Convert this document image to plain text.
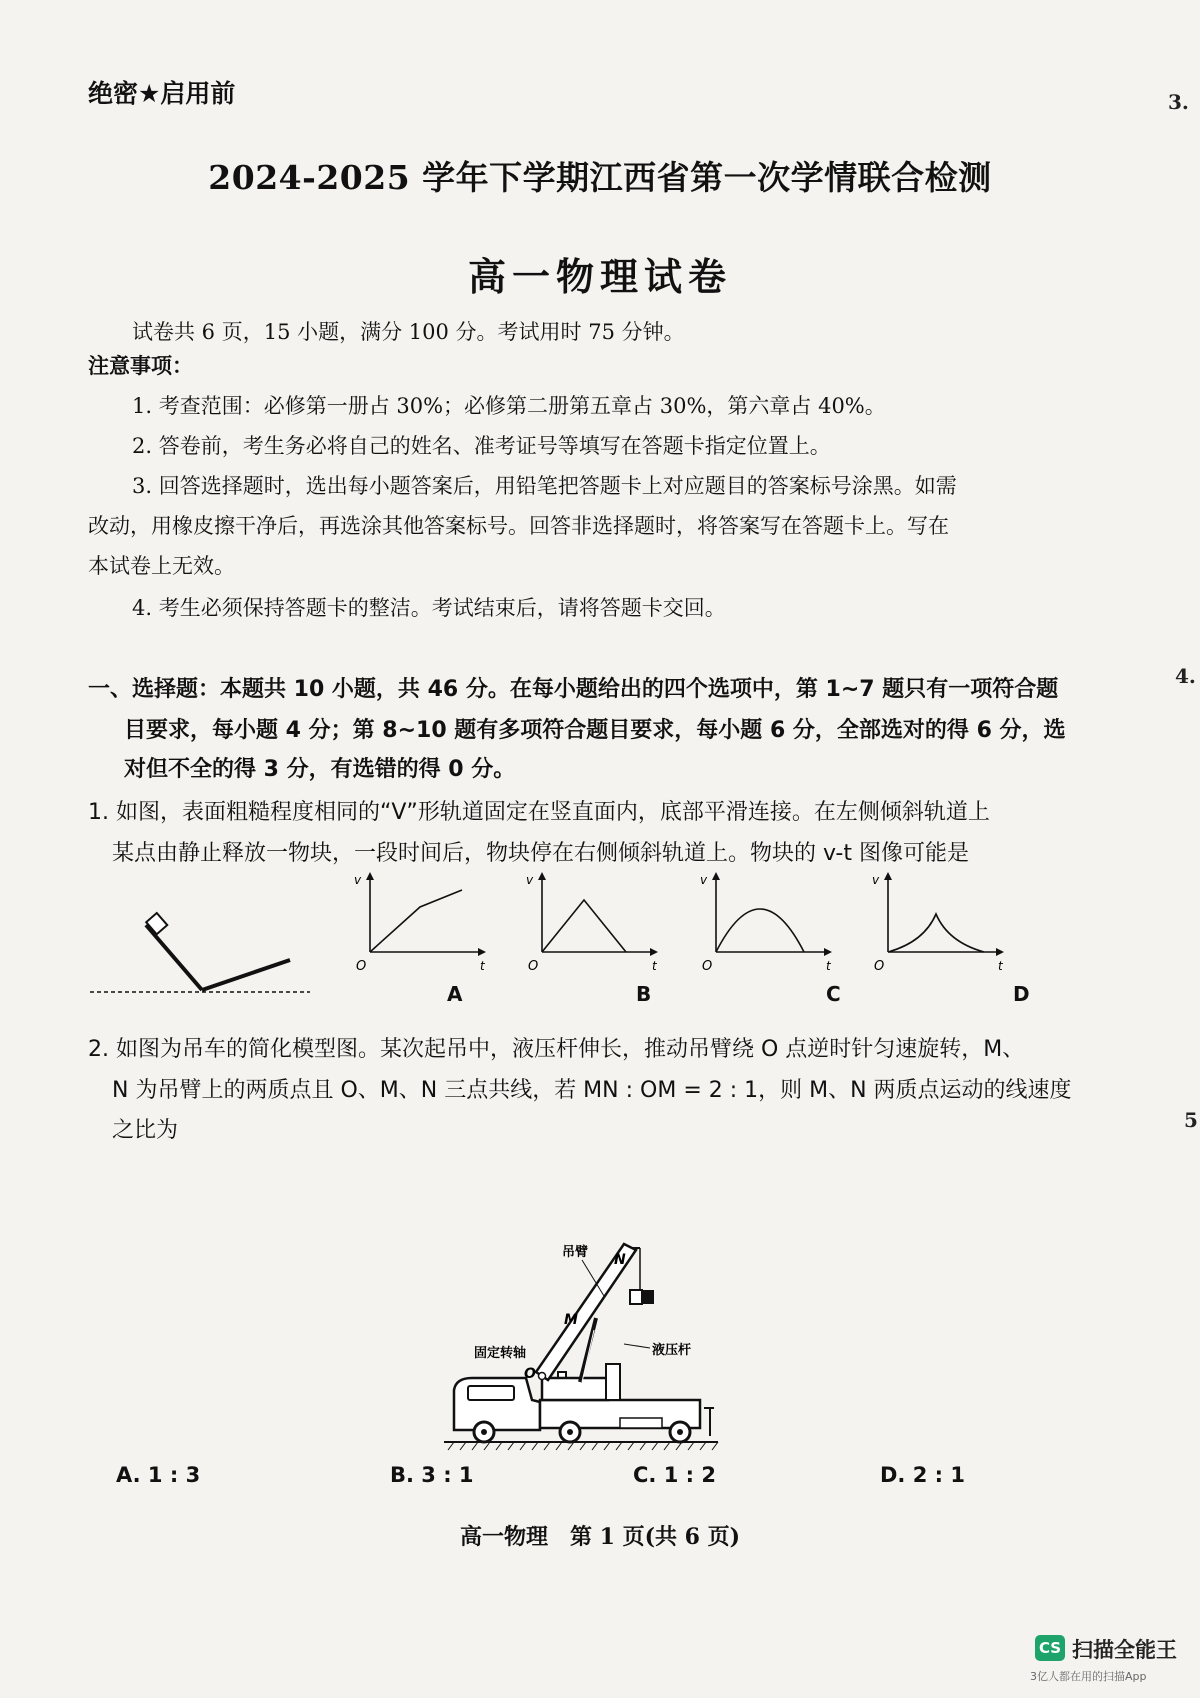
绝密★启用前
2024-2025 学年下学期江西省第一次学情联合检测
高一物理试卷
试卷共 6 页，15 小题，满分 100 分。考试用时 75 分钟。
注意事项：
1. 考查范围：必修第一册占 30%；必修第二册第五章占 30%，第六章占 40%。
2. 答卷前，考生务必将自己的姓名、准考证号等填写在答题卡指定位置上。
3. 回答选择题时，选出每小题答案后，用铅笔把答题卡上对应题目的答案标号涂黑。如需
改动，用橡皮擦干净后，再选涂其他答案标号。回答非选择题时，将答案写在答题卡上。写在
本试卷上无效。
4. 考生必须保持答题卡的整洁。考试结束后，请将答题卡交回。
一、选择题：本题共 10 小题，共 46 分。在每小题给出的四个选项中，第 1~7 题只有一项符合题
目要求，每小题 4 分；第 8~10 题有多项符合题目要求，每小题 6 分，全部选对的得 6 分，选
对但不全的得 3 分，有选错的得 0 分。
1. 如图，表面粗糙程度相同的“V”形轨道固定在竖直面内，底部平滑连接。在左侧倾斜轨道上
某点由静止释放一物块，一段时间后，物块停在右侧倾斜轨道上。物块的 v-t 图像可能是
v
t
O
v
t
O
v
t
O
v
t
O
A	B	C	D
2. 如图为吊车的简化模型图。某次起吊中，液压杆伸长，推动吊臂绕 O 点逆时针匀速旋转，M、
N 为吊臂上的两质点且 O、M、N 三点共线，若 MN : OM = 2 : 1，则 M、N 两质点运动的线速度
之比为
吊臂 N
M
固定转轴
O
液压杆
A. 1 : 3	B. 3 : 1	C. 1 : 2	D. 2 : 1
高一物理　第 1 页(共 6 页)
3.
4.
5
CS 扫描全能王
3亿人都在用的扫描App
